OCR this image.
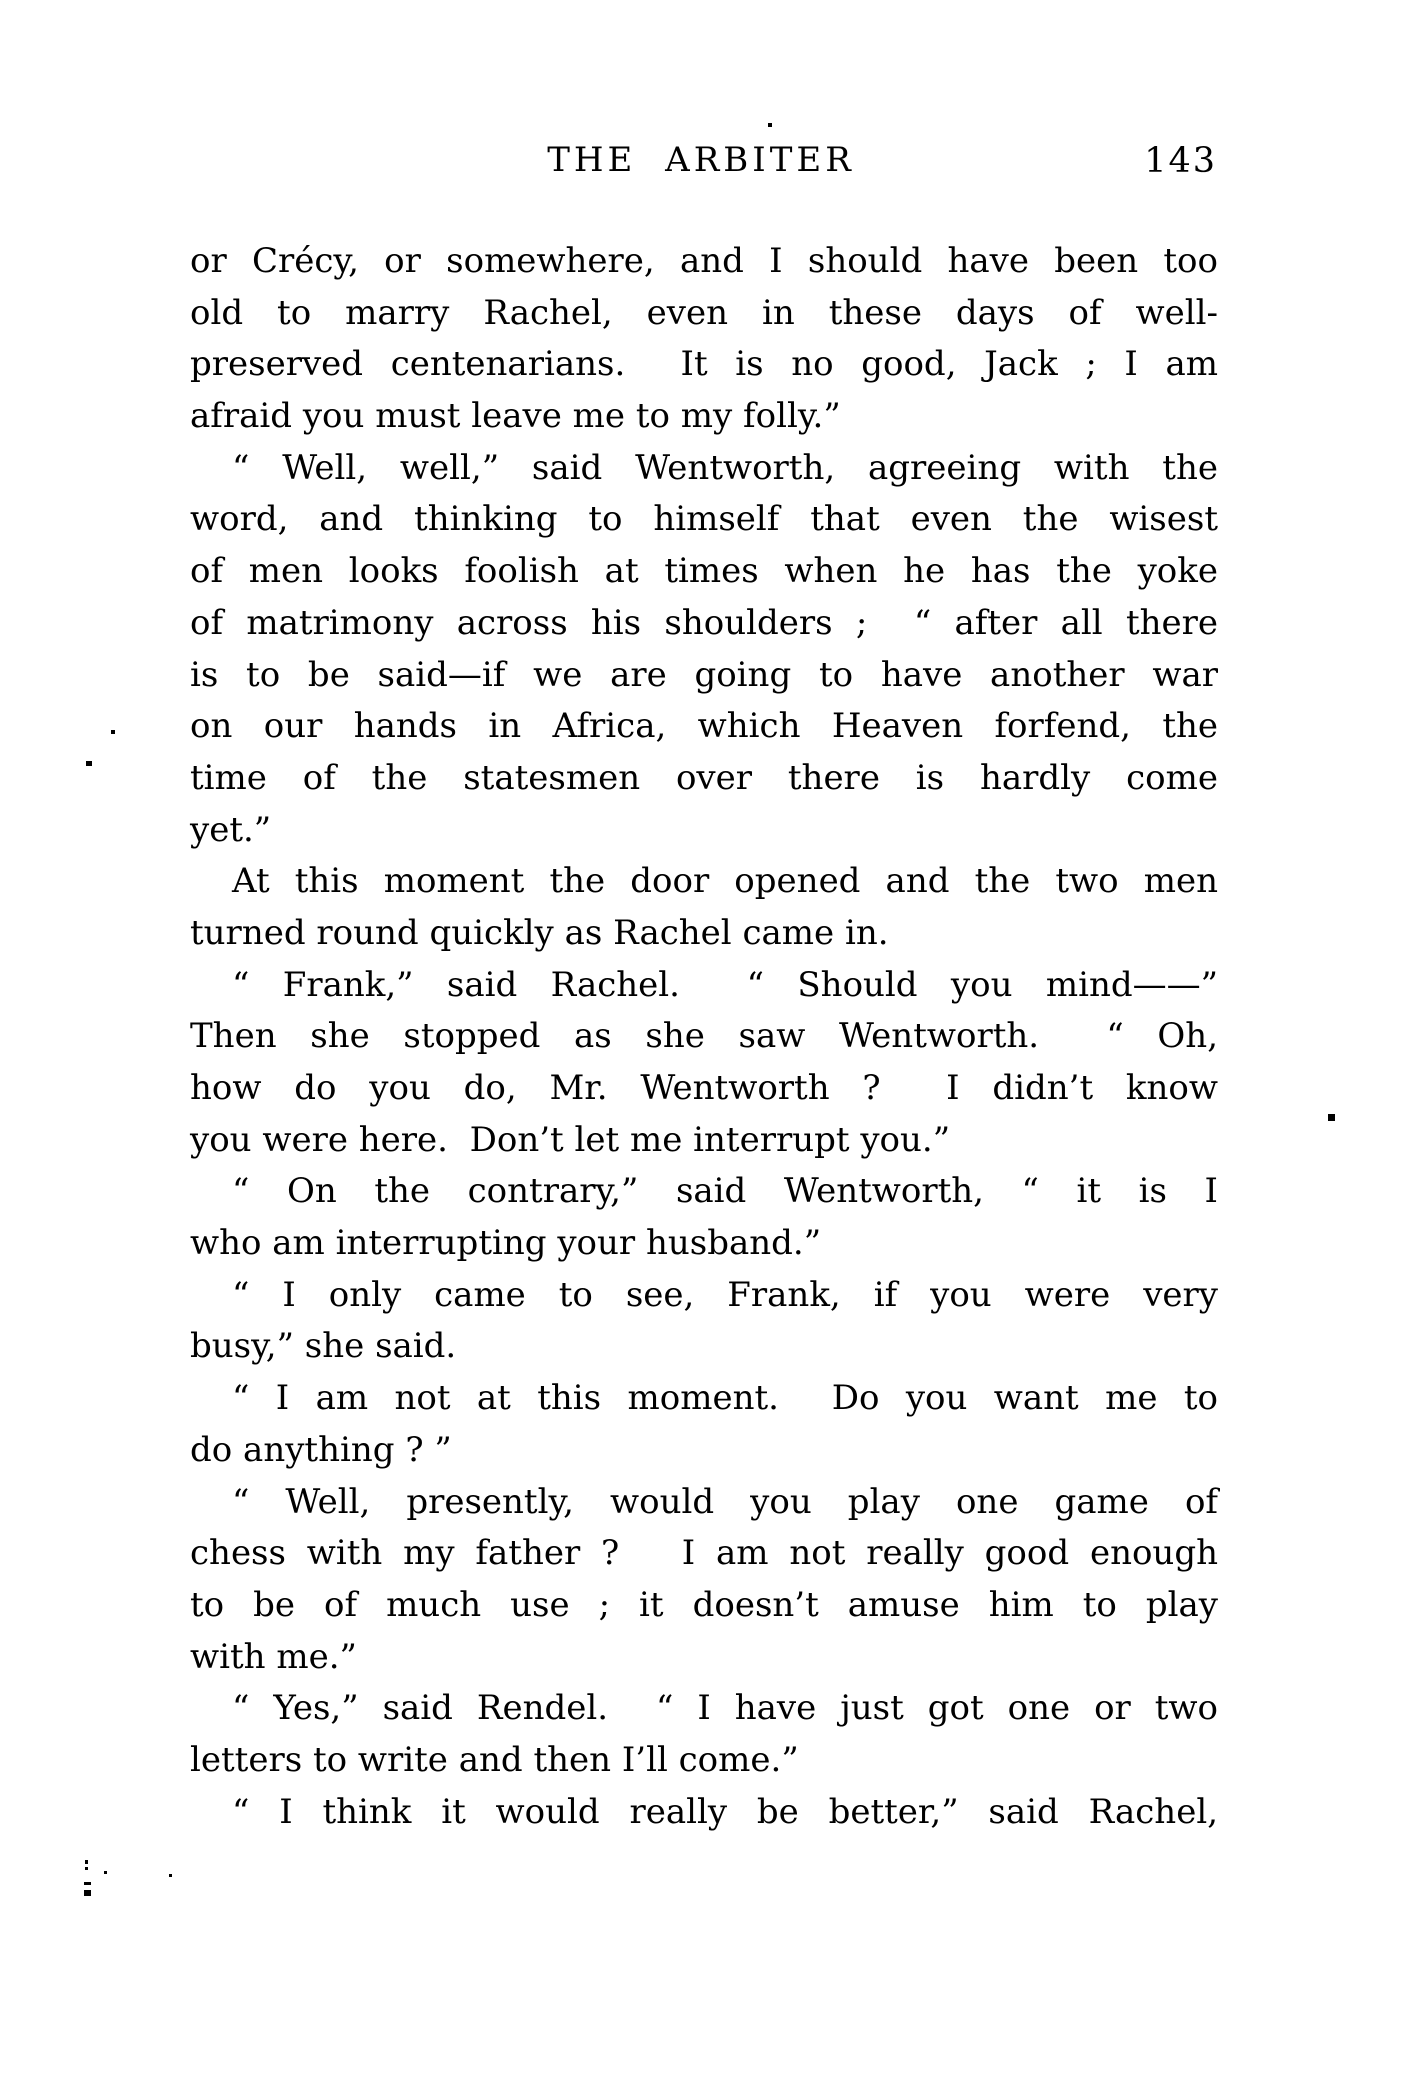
THE ARBITER	143
or Crécy, or somewhere, and I should have been too
old to marry Rachel, even in these days of well-
preserved centenarians.  It is no good, Jack ; I am
afraid you must leave me to my folly.”
“ Well, well,” said Wentworth, agreeing with the
word, and thinking to himself that even the wisest
of men looks foolish at times when he has the yoke
of matrimony across his shoulders ;  “ after all there
is to be said—if we are going to have another war
on our hands in Africa, which Heaven forfend, the
time of the statesmen over there is hardly come
yet.”
At this moment the door opened and the two men
turned round quickly as Rachel came in.
“ Frank,” said Rachel.  “ Should you mind——”
Then she stopped as she saw Wentworth.  “ Oh,
how do you do, Mr. Wentworth ?  I didn’t know
you were here.  Don’t let me interrupt you.”
“ On the contrary,” said Wentworth, “ it is I
who am interrupting your husband.”
“ I only came to see, Frank, if you were very
busy,” she said.
“ I am not at this moment.  Do you want me to
do anything ? ”
“ Well, presently, would you play one game of
chess with my father ?   I am not really good enough
to be of much use ; it doesn’t amuse him to play
with me.”
“ Yes,” said Rendel.  “ I have just got one or two
letters to write and then I’ll come.”
“ I think it would really be better,” said Rachel,
